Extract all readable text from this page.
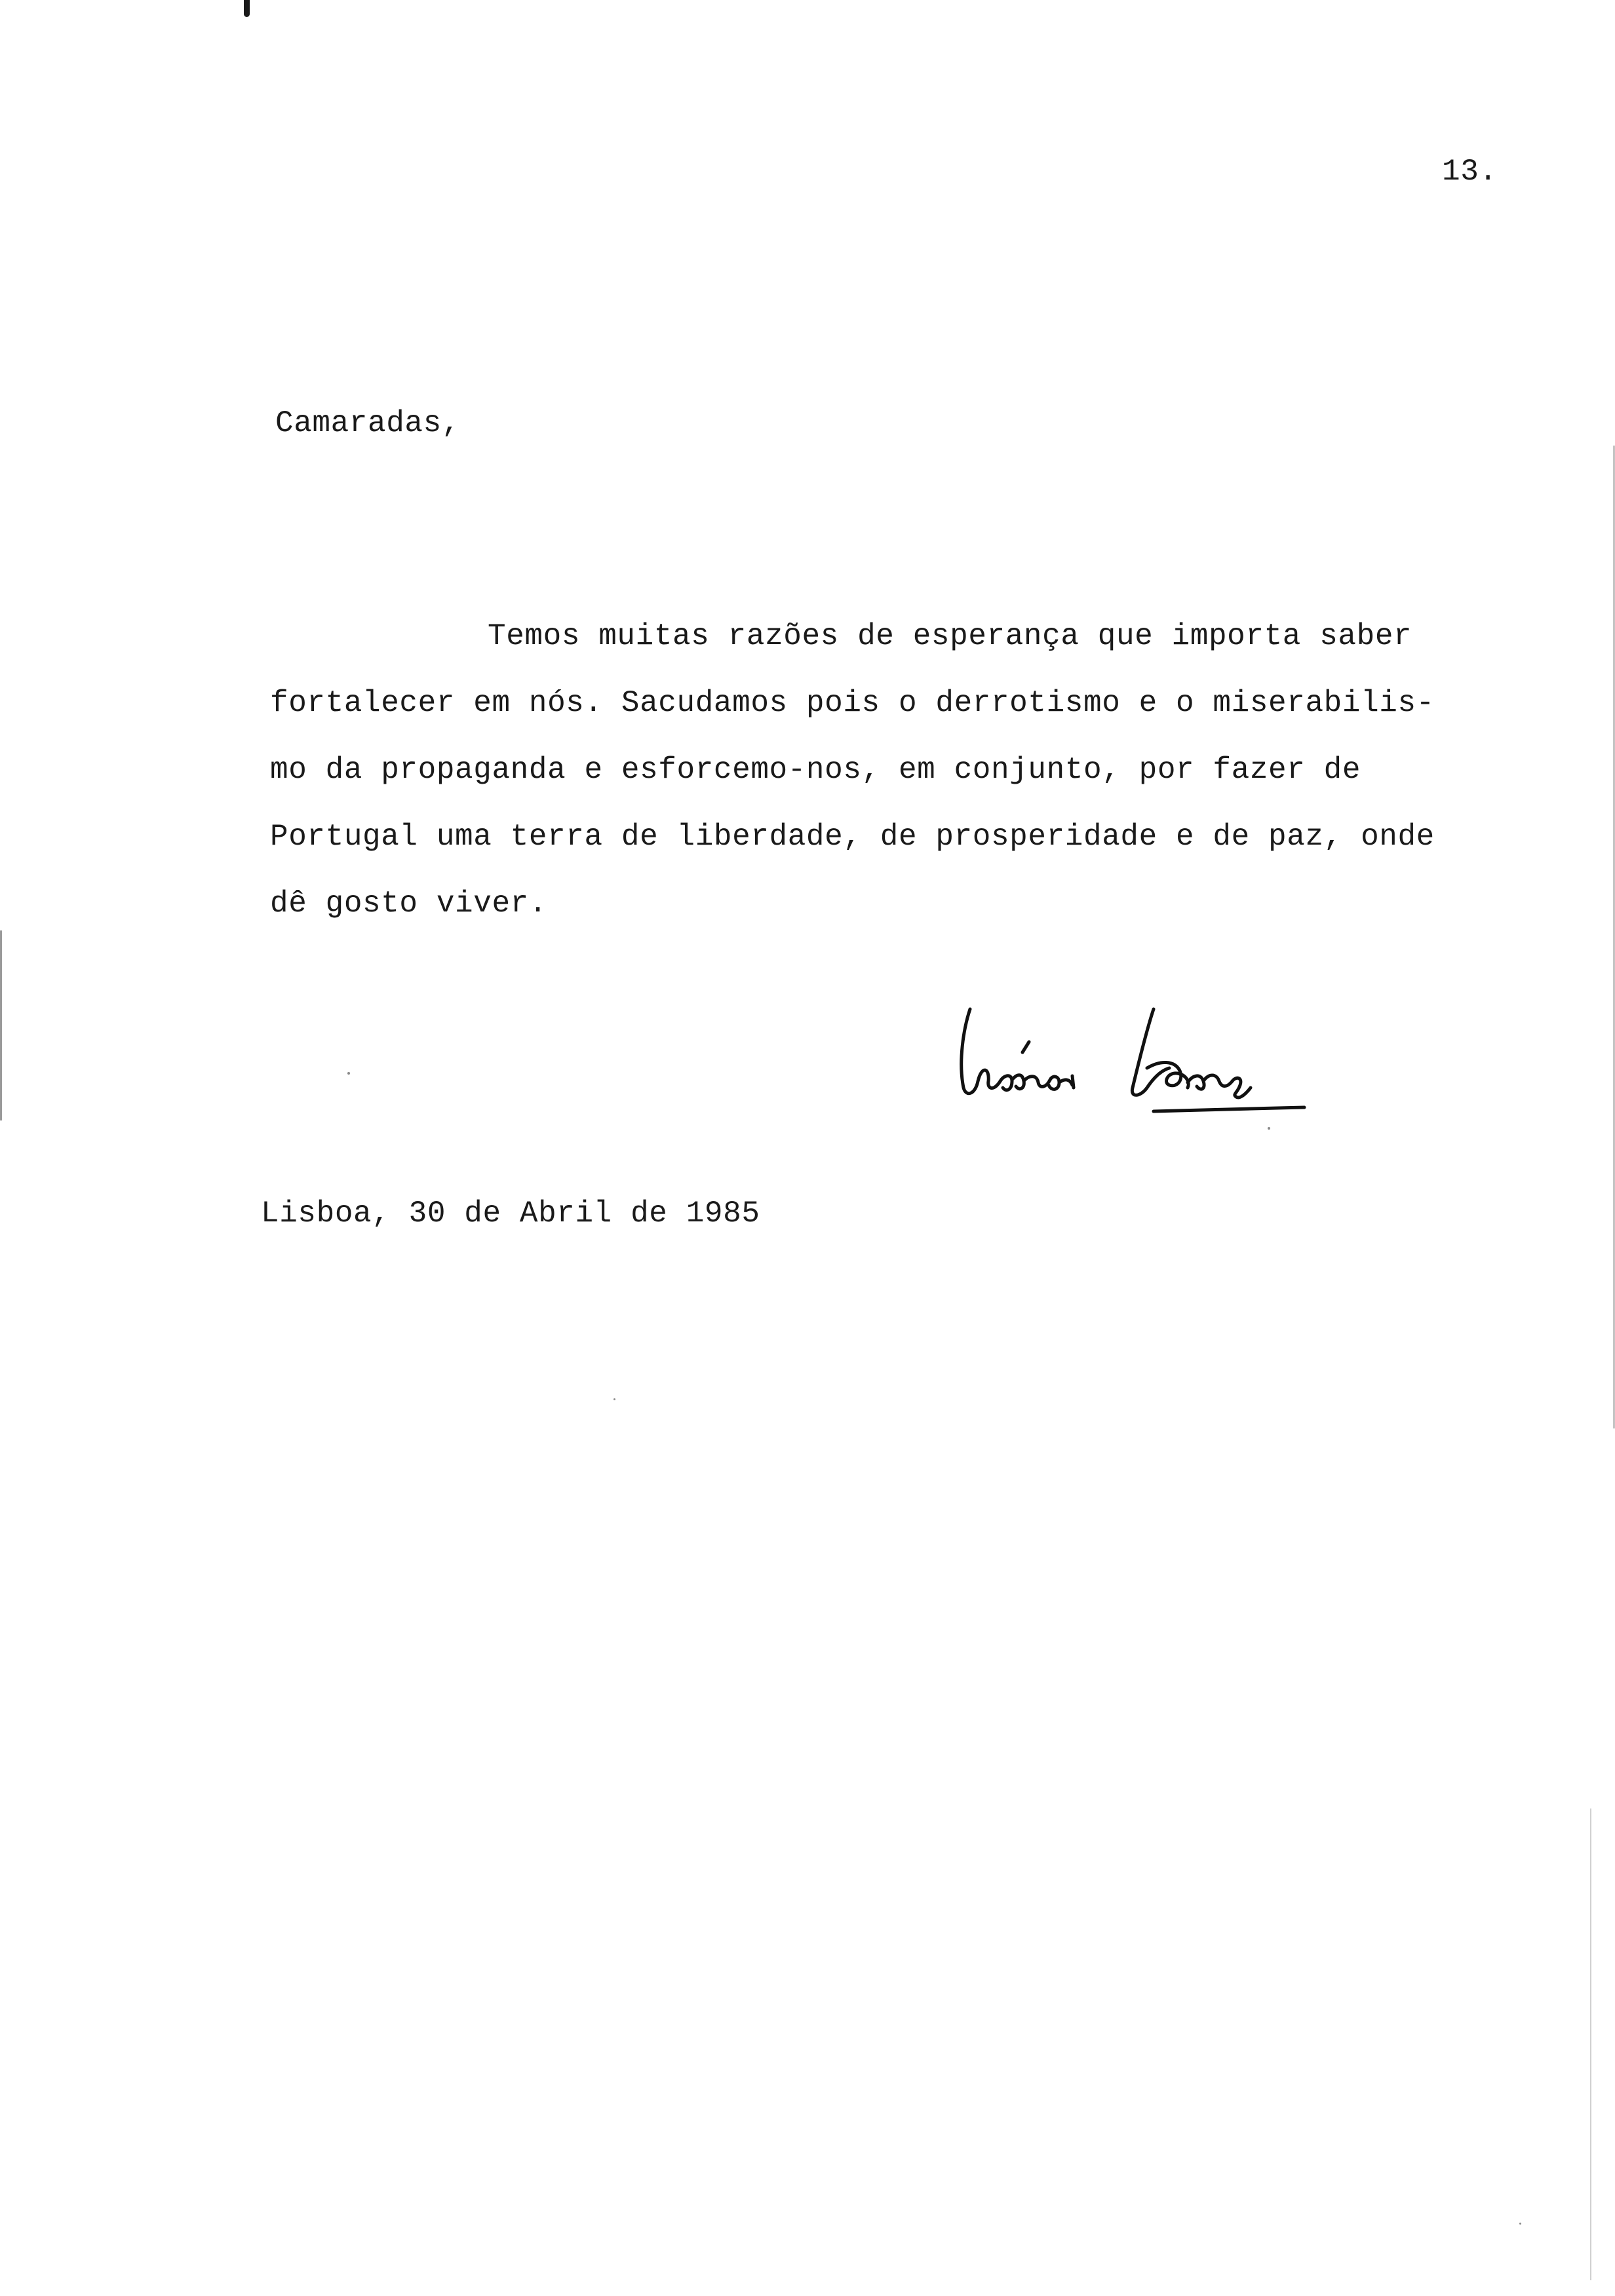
13.
Camaradas,
Temos muitas razões de esperança que importa saber
fortalecer em nós. Sacudamos pois o derrotismo e o miserabilis-
mo da propaganda e esforcemo-nos, em conjunto, por fazer de
Portugal uma terra de liberdade, de prosperidade e de paz, onde
dê gosto viver.
Lisboa, 30 de Abril de 1985
